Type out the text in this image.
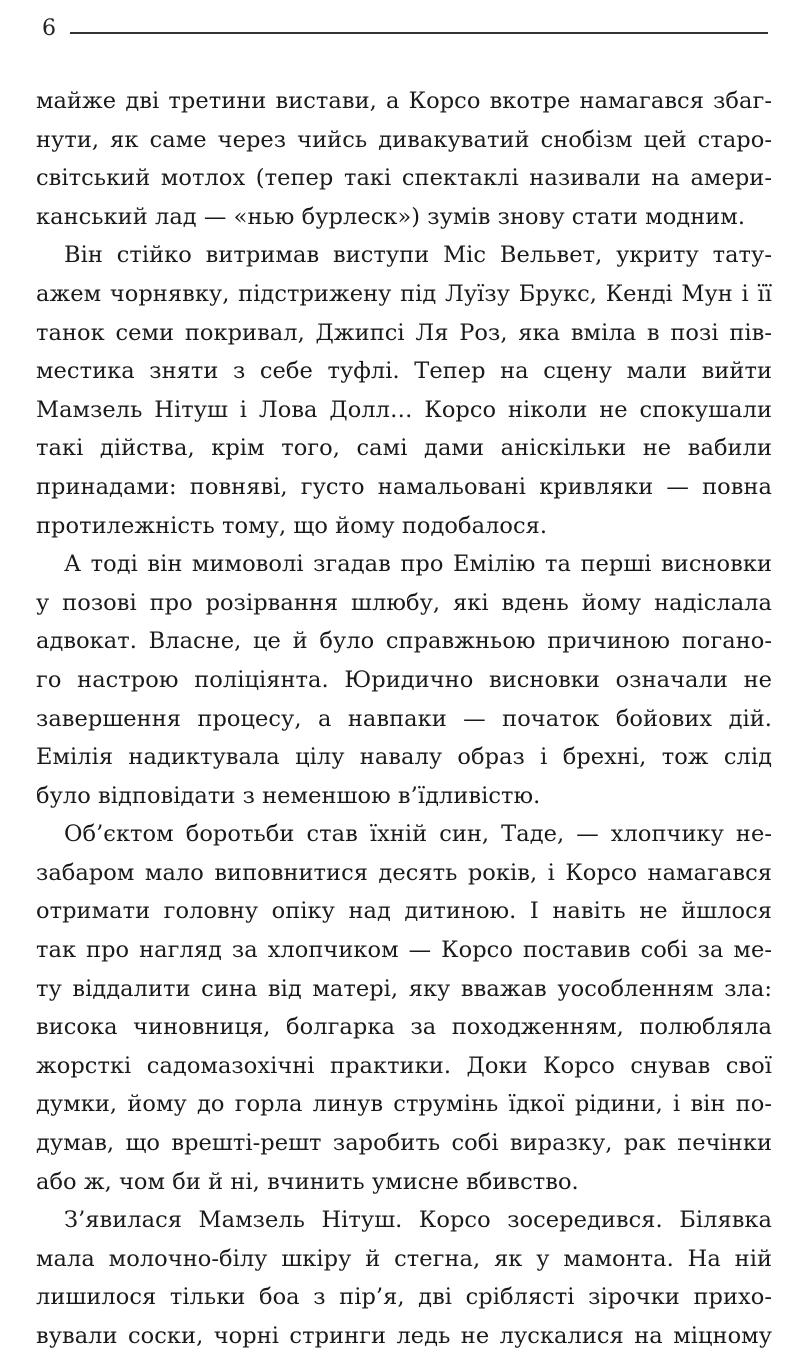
6
майже дві третини вистави, а Корсо вкотре намагався збаг-
нути, як саме через чийсь дивакуватий снобізм цей старо-
світський мотлох (тепер такі спектаклі називали на амери-
канський лад — «нью бурлеск») зумів знову стати модним.
Він стійко витримав виступи Міс Вельвет, укриту тату-
ажем чорнявку, підстрижену під Луїзу Брукс, Кенді Мун і її
танок семи покривал, Джипсі Ля Роз, яка вміла в позі пів-
местика зняти з себе туфлі. Тепер на сцену мали вийти
Мамзель Нітуш і Лова Долл… Корсо ніколи не спокушали
такі дійства, крім того, самі дами аніскільки не вабили
принадами: повняві, густо намальовані кривляки — повна
протилежність тому, що йому подобалося.
А тоді він мимоволі згадав про Емілію та перші висновки
у позові про розірвання шлюбу, які вдень йому надіслала
адвокат. Власне, це й було справжньою причиною погано-
го настрою поліціянта. Юридично висновки означали не
завершення процесу, а навпаки — початок бойових дій.
Емілія надиктувала цілу навалу образ і брехні, тож слід
було відповідати з неменшою в’їдливістю.
Об’єктом боротьби став їхній син, Таде, — хлопчику не-
забаром мало виповнитися десять років, і Корсо намагався
отримати головну опіку над дитиною. І навіть не йшлося
так про нагляд за хлопчиком — Корсо поставив собі за ме-
ту віддалити сина від матері, яку вважав уособленням зла:
висока чиновниця, болгарка за походженням, полюбляла
жорсткі садомазохічні практики. Доки Корсо снував свої
думки, йому до горла линув струмінь їдкої рідини, і він по-
думав, що врешті-решт заробить собі виразку, рак печінки
або ж, чом би й ні, вчинить умисне вбивство.
З’явилася Мамзель Нітуш. Корсо зосередився. Білявка
мала молочно-білу шкіру й стегна, як у мамонта. На ній
лишилося тільки боа з пір’я, дві сріблясті зірочки прихо-
вували соски, чорні стринги ледь не лускалися на міцному
